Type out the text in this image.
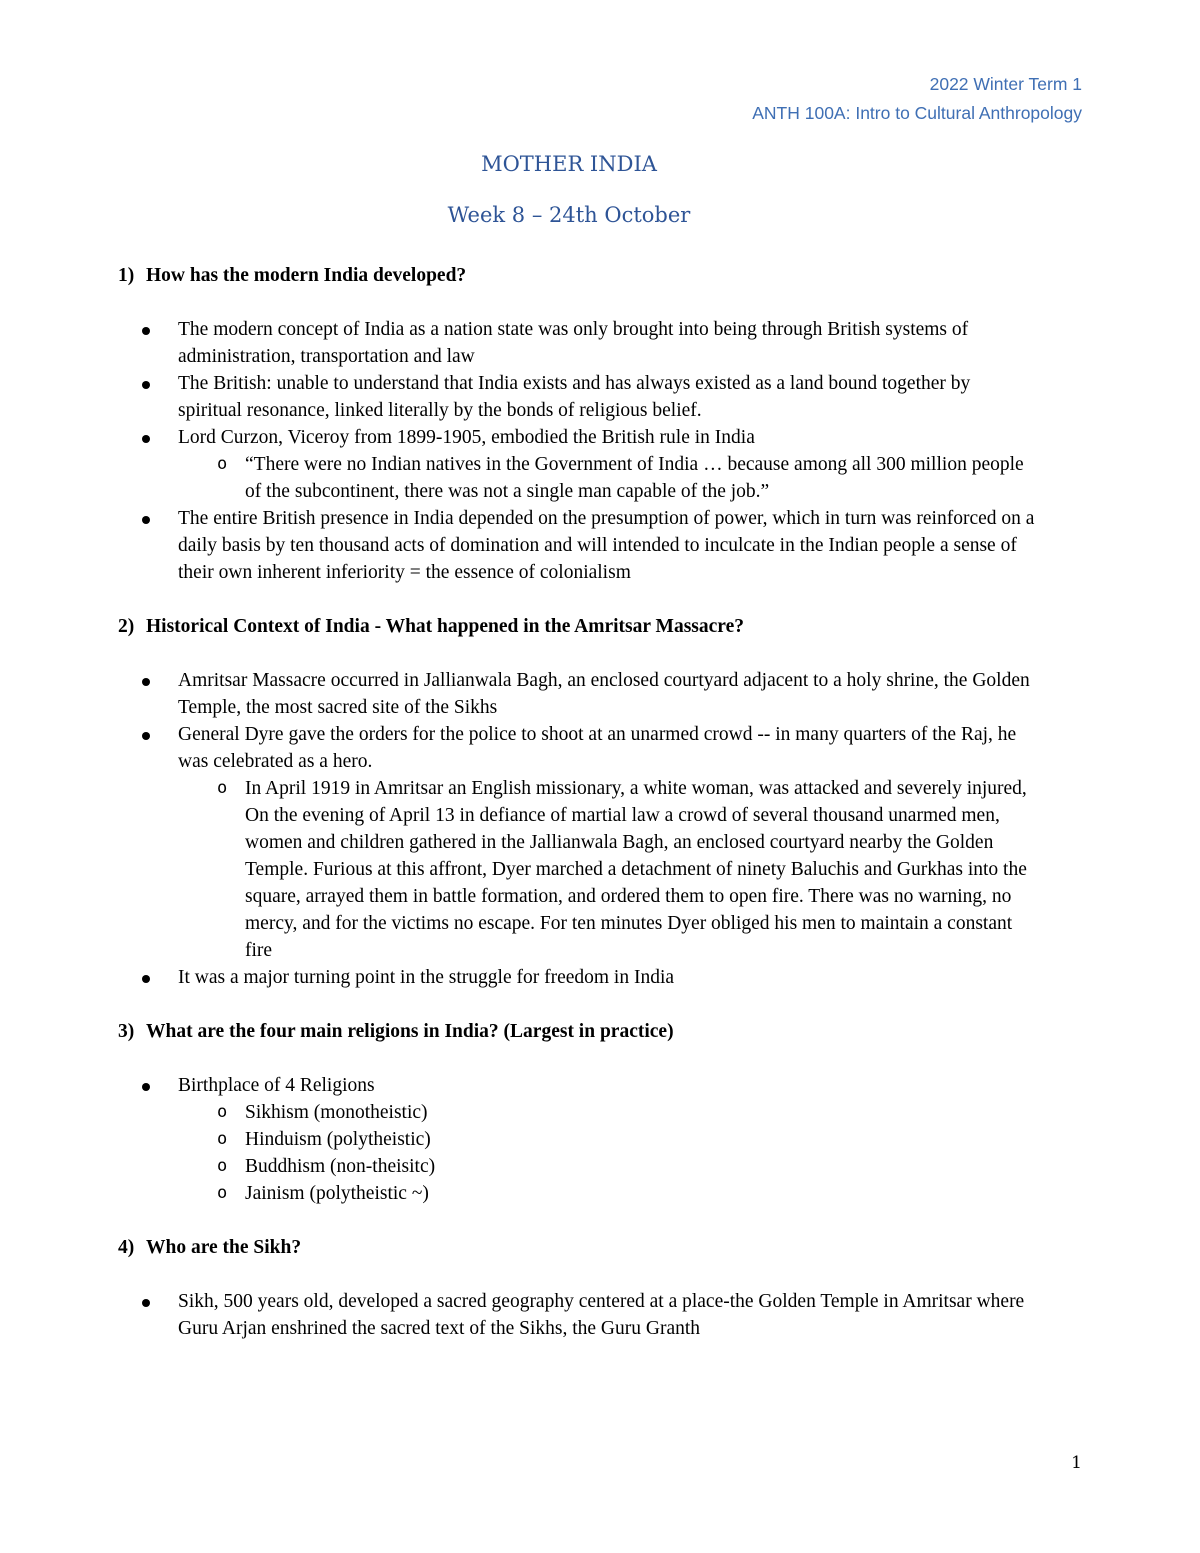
2022 Winter Term 1
ANTH 100A: Intro to Cultural Anthropology
MOTHER INDIA
Week 8 – 24th October
1) How has the modern India developed?
The modern concept of India as a nation state was only brought into being through British systems of administration, transportation and law
The British: unable to understand that India exists and has always existed as a land bound together by spiritual resonance, linked literally by the bonds of religious belief.
Lord Curzon, Viceroy from 1899-1905, embodied the British rule in India
o “There were no Indian natives in the Government of India … because among all 300 million people of the subcontinent, there was not a single man capable of the job.”
The entire British presence in India depended on the presumption of power, which in turn was reinforced on a daily basis by ten thousand acts of domination and will intended to inculcate in the Indian people a sense of their own inherent inferiority = the essence of colonialism
2) Historical Context of India - What happened in the Amritsar Massacre?
Amritsar Massacre occurred in Jallianwala Bagh, an enclosed courtyard adjacent to a holy shrine, the Golden Temple, the most sacred site of the Sikhs
General Dyre gave the orders for the police to shoot at an unarmed crowd -- in many quarters of the Raj, he was celebrated as a hero.
o In April 1919 in Amritsar an English missionary, a white woman, was attacked and severely injured, On the evening of April 13 in defiance of martial law a crowd of several thousand unarmed men, women and children gathered in the Jallianwala Bagh, an enclosed courtyard nearby the Golden Temple. Furious at this affront, Dyer marched a detachment of ninety Baluchis and Gurkhas into the square, arrayed them in battle formation, and ordered them to open fire. There was no warning, no mercy, and for the victims no escape. For ten minutes Dyer obliged his men to maintain a constant fire
It was a major turning point in the struggle for freedom in India
3) What are the four main religions in India? (Largest in practice)
Birthplace of 4 Religions
o Sikhism (monotheistic)
o Hinduism (polytheistic)
o Buddhism (non-theisitc)
o Jainism (polytheistic ~)
4) Who are the Sikh?
Sikh, 500 years old, developed a sacred geography centered at a place-the Golden Temple in Amritsar where Guru Arjan enshrined the sacred text of the Sikhs, the Guru Granth
1
